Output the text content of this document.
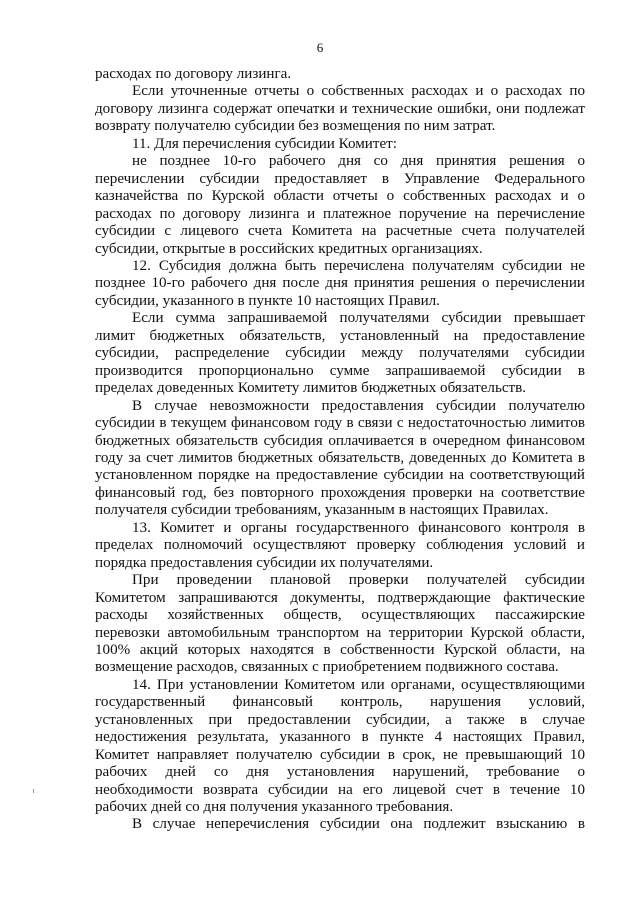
6

расходах по договору лизинга.

Если уточненные отчеты о собственных расходах и о расходах по договору лизинга содержат опечатки и технические ошибки, они подлежат возврату получателю субсидии без возмещения по ним затрат.

11. Для перечисления субсидии Комитет:

не позднее 10-го рабочего дня со дня принятия решения о перечислении субсидии предоставляет в Управление Федерального казначейства по Курской области отчеты о собственных расходах и о расходах по договору лизинга и платежное поручение на перечисление субсидии с лицевого счета Комитета на расчетные счета получателей субсидии, открытые в российских кредитных организациях.

12. Субсидия должна быть перечислена получателям субсидии не позднее 10-го рабочего дня после дня принятия решения о перечислении субсидии, указанного в пункте 10 настоящих Правил.

Если сумма запрашиваемой получателями субсидии превышает лимит бюджетных обязательств, установленный на предоставление субсидии, распределение субсидии между получателями субсидии производится пропорционально сумме запрашиваемой субсидии в пределах доведенных Комитету лимитов бюджетных обязательств.

В случае невозможности предоставления субсидии получателю субсидии в текущем финансовом году в связи с недостаточностью лимитов бюджетных обязательств субсидия оплачивается в очередном финансовом году за счет лимитов бюджетных обязательств, доведенных до Комитета в установленном порядке на предоставление субсидии на соответствующий финансовый год, без повторного прохождения проверки на соответствие получателя субсидии требованиям, указанным в настоящих Правилах.

13. Комитет и органы государственного финансового контроля в пределах полномочий осуществляют проверку соблюдения условий и порядка предоставления субсидии их получателями.

При проведении плановой проверки получателей субсидии Комитетом запрашиваются документы, подтверждающие фактические расходы хозяйственных обществ, осуществляющих пассажирские перевозки автомобильным транспортом на территории Курской области, 100% акций которых находятся в собственности Курской области, на возмещение расходов, связанных с приобретением подвижного состава.

14. При установлении Комитетом или органами, осуществляющими государственный финансовый контроль, нарушения условий, установленных при предоставлении субсидии, а также в случае недостижения результата, указанного в пункте 4 настоящих Правил, Комитет направляет получателю субсидии в срок, не превышающий 10 рабочих дней со дня установления нарушений, требование о необходимости возврата субсидии на его лицевой счет в течение 10 рабочих дней со дня получения указанного требования.

В случае неперечисления субсидии она подлежит взысканию в
